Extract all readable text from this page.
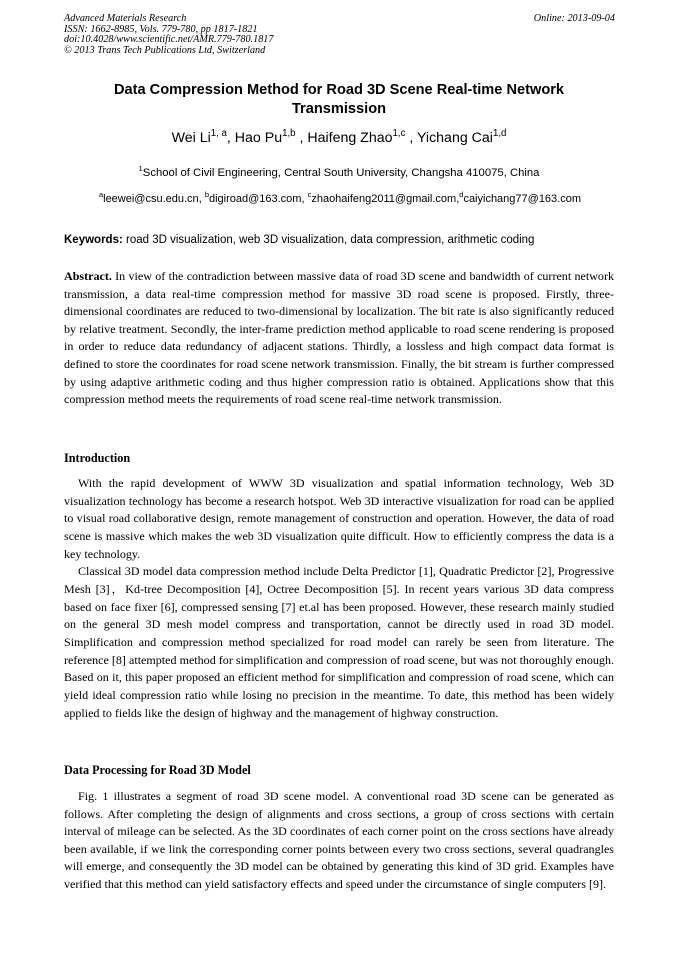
Advanced Materials Research
ISSN: 1662-8985, Vols. 779-780, pp 1817-1821
doi:10.4028/www.scientific.net/AMR.779-780.1817
© 2013 Trans Tech Publications Ltd, Switzerland
Online: 2013-09-04
Data Compression Method for Road 3D Scene Real-time Network Transmission
Wei Li$^{1, a}$, Hao Pu$^{1,b}$ , Haifeng Zhao$^{1,c}$ , Yichang Cai$^{1,d}$
$^1$School of Civil Engineering, Central South University, Changsha 410075, China
$^a$leewei@csu.edu.cn, $^b$digiroad@163.com, $^c$zhaohaifeng2011@gmail.com,$^d$caiyichang77@163.com
Keywords: road 3D visualization, web 3D visualization, data compression, arithmetic coding
Abstract. In view of the contradiction between massive data of road 3D scene and bandwidth of current network transmission, a data real-time compression method for massive 3D road scene is proposed. Firstly, three-dimensional coordinates are reduced to two-dimensional by localization. The bit rate is also significantly reduced by relative treatment. Secondly, the inter-frame prediction method applicable to road scene rendering is proposed in order to reduce data redundancy of adjacent stations. Thirdly, a lossless and high compact data format is defined to store the coordinates for road scene network transmission. Finally, the bit stream is further compressed by using adaptive arithmetic coding and thus higher compression ratio is obtained. Applications show that this compression method meets the requirements of road scene real-time network transmission.
Introduction

With the rapid development of WWW 3D visualization and spatial information technology, Web 3D visualization technology has become a research hotspot. Web 3D interactive visualization for road can be applied to visual road collaborative design, remote management of construction and operation. However, the data of road scene is massive which makes the web 3D visualization quite difficult. How to efficiently compress the data is a key technology.

Classical 3D model data compression method include Delta Predictor [1], Quadratic Predictor [2], Progressive Mesh [3]，Kd-tree Decomposition [4], Octree Decomposition [5]. In recent years various 3D data compress based on face fixer [6], compressed sensing [7] et.al has been proposed. However, these research mainly studied on the general 3D mesh model compress and transportation, cannot be directly used in road 3D model. Simplification and compression method specialized for road model can rarely be seen from literature. The reference [8] attempted method for simplification and compression of road scene, but was not thoroughly enough. Based on it, this paper proposed an efficient method for simplification and compression of road scene, which can yield ideal compression ratio while losing no precision in the meantime. To date, this method has been widely applied to fields like the design of highway and the management of highway construction.

Data Processing for Road 3D Model

Fig. 1 illustrates a segment of road 3D scene model. A conventional road 3D scene can be generated as follows. After completing the design of alignments and cross sections, a group of cross sections with certain interval of mileage can be selected. As the 3D coordinates of each corner point on the cross sections have already been available, if we link the corresponding corner points between every two cross sections, several quadrangles will emerge, and consequently the 3D model can be obtained by generating this kind of 3D grid. Examples have verified that this method can yield satisfactory effects and speed under the circumstance of single computers [9].
